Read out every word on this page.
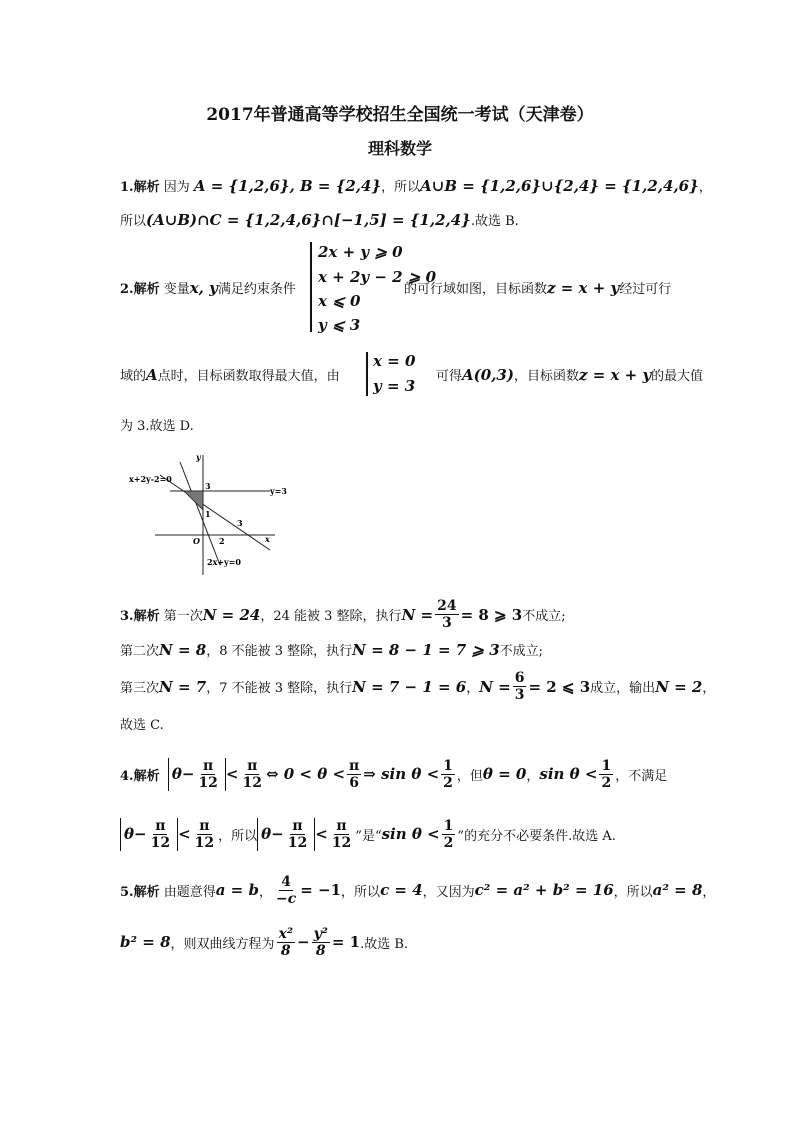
2017年普通高等学校招生全国统一考试（天津卷）
理科数学
1.解析 因为 A = {1,2,6}, B = {2,4}，所以A∪B = {1,2,6}∪{2,4} = {1,2,4,6}，
所以(A∪B)∩C = {1,2,4,6}∩[−1,5] = {1,2,4}.故选 B.
2.解析 变量x, y满足约束条件
2x + y ⩾ 0
x + 2y − 2 ⩾ 0
x ⩽ 0
y ⩽ 3
的可行域如图，目标函数z = x + y经过可行
域的A点时，目标函数取得最大值，由
x = 0
y = 3
可得A(0,3)，目标函数z = x + y的最大值
为 3.故选 D.
x+2y-2=0
2x+y=0
y=3
x
y
O
3
1
2
3
3.解析
第一次 N = 24 ，24 能被 3 整除，执行 $N = \frac{24}{3} = 8$ ⩾ 3 不成立;
第二次N = 8，8 不能被 3 整除，执行N = 8 − 1 = 7 ⩾ 3不成立;
第三次 N = 7 ，7 不能被 3 整除，执行 N = 7 − 1 = 6 ， $N = \frac{6}{3} = 2$ ⩽ 3 成立，输出 N = 2 ，
故选 C.
4.解析
$\theta - \frac{\pi}{12} < \frac{\pi}{12}$ ⇔ $0 < \theta < \frac{\pi}{6}$ ⇒ $\sin \theta < \frac{1}{2}$ ，但 θ = 0 ， $\sin \theta < \frac{1}{2}$ ，不满足
$\theta - \frac{\pi}{12} < \frac{\pi}{12}$ ，所以 $\theta - \frac{\pi}{12} < \frac{\pi}{12}$ ”是“ $\sin \theta < \frac{1}{2}$ ”的充分不必要条件.故选 A.
5.解析
由题意得 a = b ， $\frac{4}{-c} = -1$ ，所以 c = 4 ，又因为 c² = a² + b² = 16 ，所以 a² = 8 ，
b² = 8 ，则双曲线方程为 $\frac{\text{x²}}{8} - \frac{\text{y²}}{8} = 1$ .故选 B.
